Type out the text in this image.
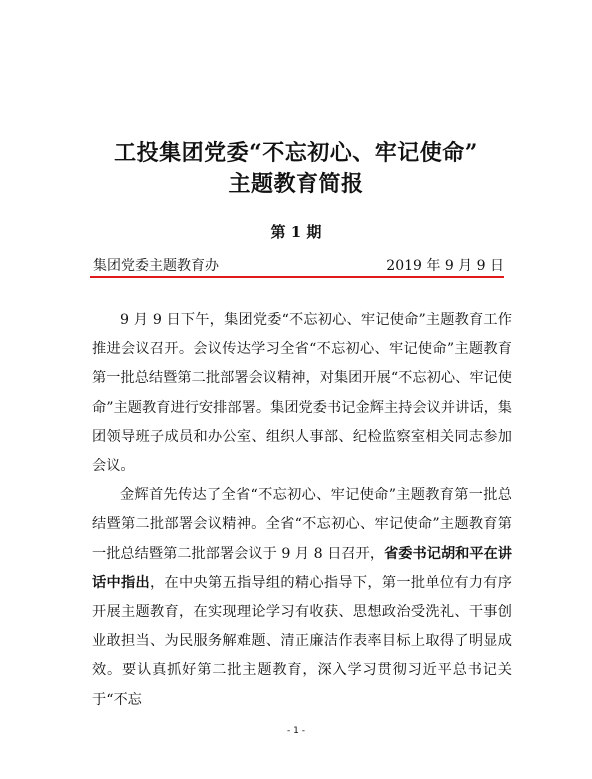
工投集团党委“不忘初心、牢记使命”
主题教育简报
第 1 期
集团党委主题教育办	2019 年 9 月 9 日

9 月 9 日下午，集团党委“不忘初心、牢记使命”主题教育工作推进会议召开。会议传达学习全省“不忘初心、牢记使命”主题教育第一批总结暨第二批部署会议精神，对集团开展“不忘初心、牢记使命”主题教育进行安排部署。集团党委书记金辉主持会议并讲话，集团领导班子成员和办公室、组织人事部、纪检监察室相关同志参加会议。

金辉首先传达了全省“不忘初心、牢记使命”主题教育第一批总结暨第二批部署会议精神。全省“不忘初心、牢记使命”主题教育第一批总结暨第二批部署会议于 9 月 8 日召开，省委书记胡和平在讲话中指出，在中央第五指导组的精心指导下，第一批单位有力有序开展主题教育，在实现理论学习有收获、思想政治受洗礼、干事创业敢担当、为民服务解难题、清正廉洁作表率目标上取得了明显成效。要认真抓好第二批主题教育，深入学习贯彻习近平总书记关于“不忘

- 1 -
